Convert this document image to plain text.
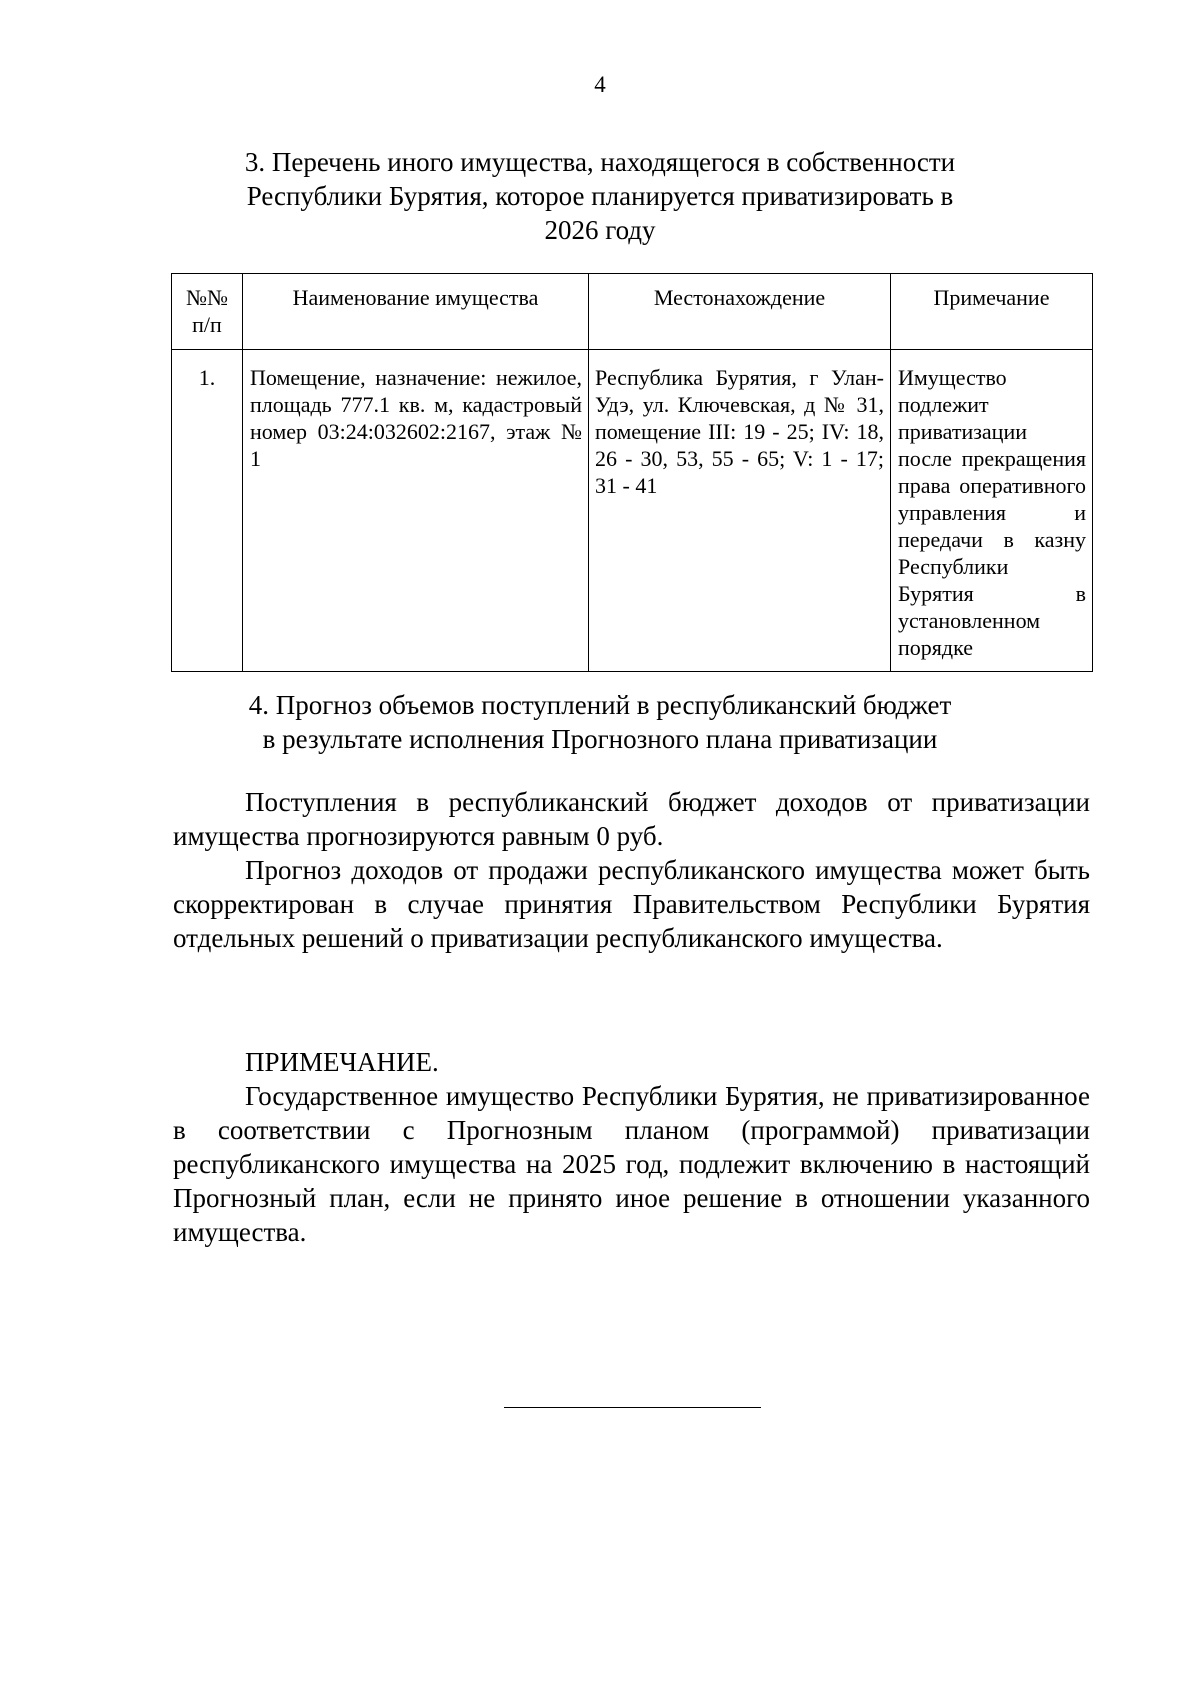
4
3. Перечень иного имущества, находящегося в собственности
Республики Бурятия, которое планируется приватизировать в
2026 году
№№
п/п	Наименование имущества	Местонахождение	Примечание
1.	Помещение, назначение: нежилое, площадь 777.1 кв. м, кадастровый номер 03:24:032602:2167, этаж № 1	Республика Бурятия, г Улан-Удэ, ул. Ключевская, д № 31, помещение III: 19 - 25; IV: 18, 26 - 30, 53, 55 - 65; V: 1 - 17; 31 - 41	Имущество подлежит приватизации после прекращения права оперативного управления и передачи в казну Республики Бурятия в установленном порядке
4. Прогноз объемов поступлений в республиканский бюджет
в результате исполнения Прогнозного плана приватизации

Поступления в республиканский бюджет доходов от приватизации имущества прогнозируются равным 0 руб.

Прогноз доходов от продажи республиканского имущества может быть скорректирован в случае принятия Правительством Республики Бурятия отдельных решений о приватизации республиканского имущества.

ПРИМЕЧАНИЕ.

Государственное имущество Республики Бурятия, не приватизированное в соответствии с Прогнозным планом (программой) приватизации республиканского имущества на 2025 год, подлежит включению в настоящий Прогнозный план, если не принято иное решение в отношении указанного имущества.
